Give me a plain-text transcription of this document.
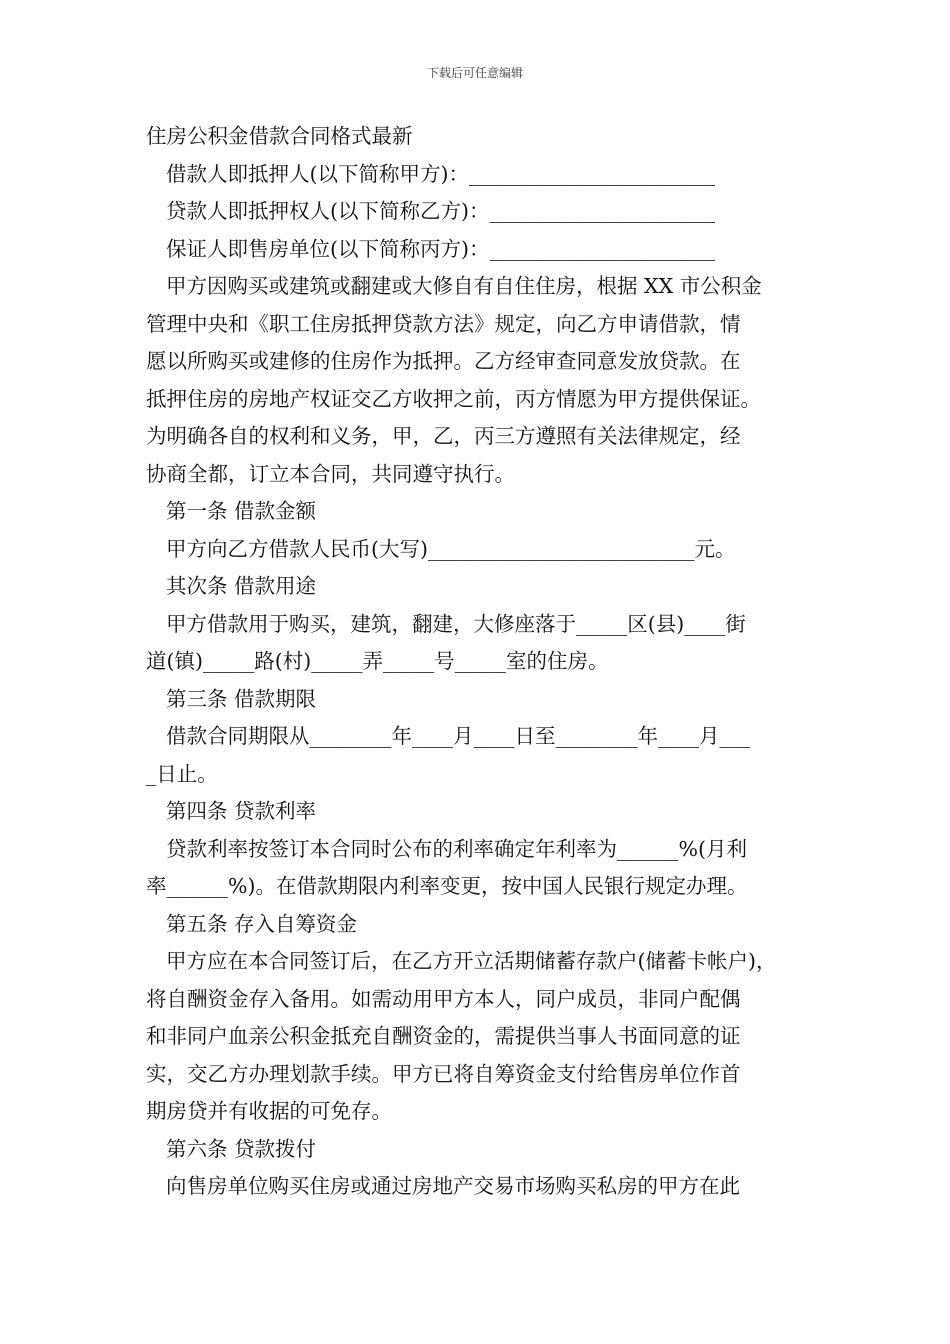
下载后可任意编辑
住房公积金借款合同格式最新
借款人即抵押人(以下简称甲方)：________________________
贷款人即抵押权人(以下简称乙方)：______________________
保证人即售房单位(以下简称丙方)：______________________
甲方因购买或建筑或翻建或大修自有自住住房，根据 XX 市公积金
管理中央和《职工住房抵押贷款方法》规定，向乙方申请借款，情
愿以所购买或建修的住房作为抵押。乙方经审查同意发放贷款。在
抵押住房的房地产权证交乙方收押之前，丙方情愿为甲方提供保证。
为明确各自的权利和义务，甲，乙，丙三方遵照有关法律规定，经
协商全都，订立本合同，共同遵守执行。
第一条 借款金额
甲方向乙方借款人民币(大写)__________________________元。
其次条 借款用途
甲方借款用于购买，建筑，翻建，大修座落于_____区(县)____街
道(镇)_____路(村)_____弄_____号_____室的住房。
第三条 借款期限
借款合同期限从________年____月____日至________年____月___
_日止。
第四条 贷款利率
贷款利率按签订本合同时公布的利率确定年利率为______%(月利
率______%)。在借款期限内利率变更，按中国人民银行规定办理。
第五条 存入自筹资金
甲方应在本合同签订后，在乙方开立活期储蓄存款户(储蓄卡帐户)，
将自酬资金存入备用。如需动用甲方本人，同户成员，非同户配偶
和非同户血亲公积金抵充自酬资金的，需提供当事人书面同意的证
实，交乙方办理划款手续。甲方已将自筹资金支付给售房单位作首
期房贷并有收据的可免存。
第六条 贷款拨付
向售房单位购买住房或通过房地产交易市场购买私房的甲方在此
